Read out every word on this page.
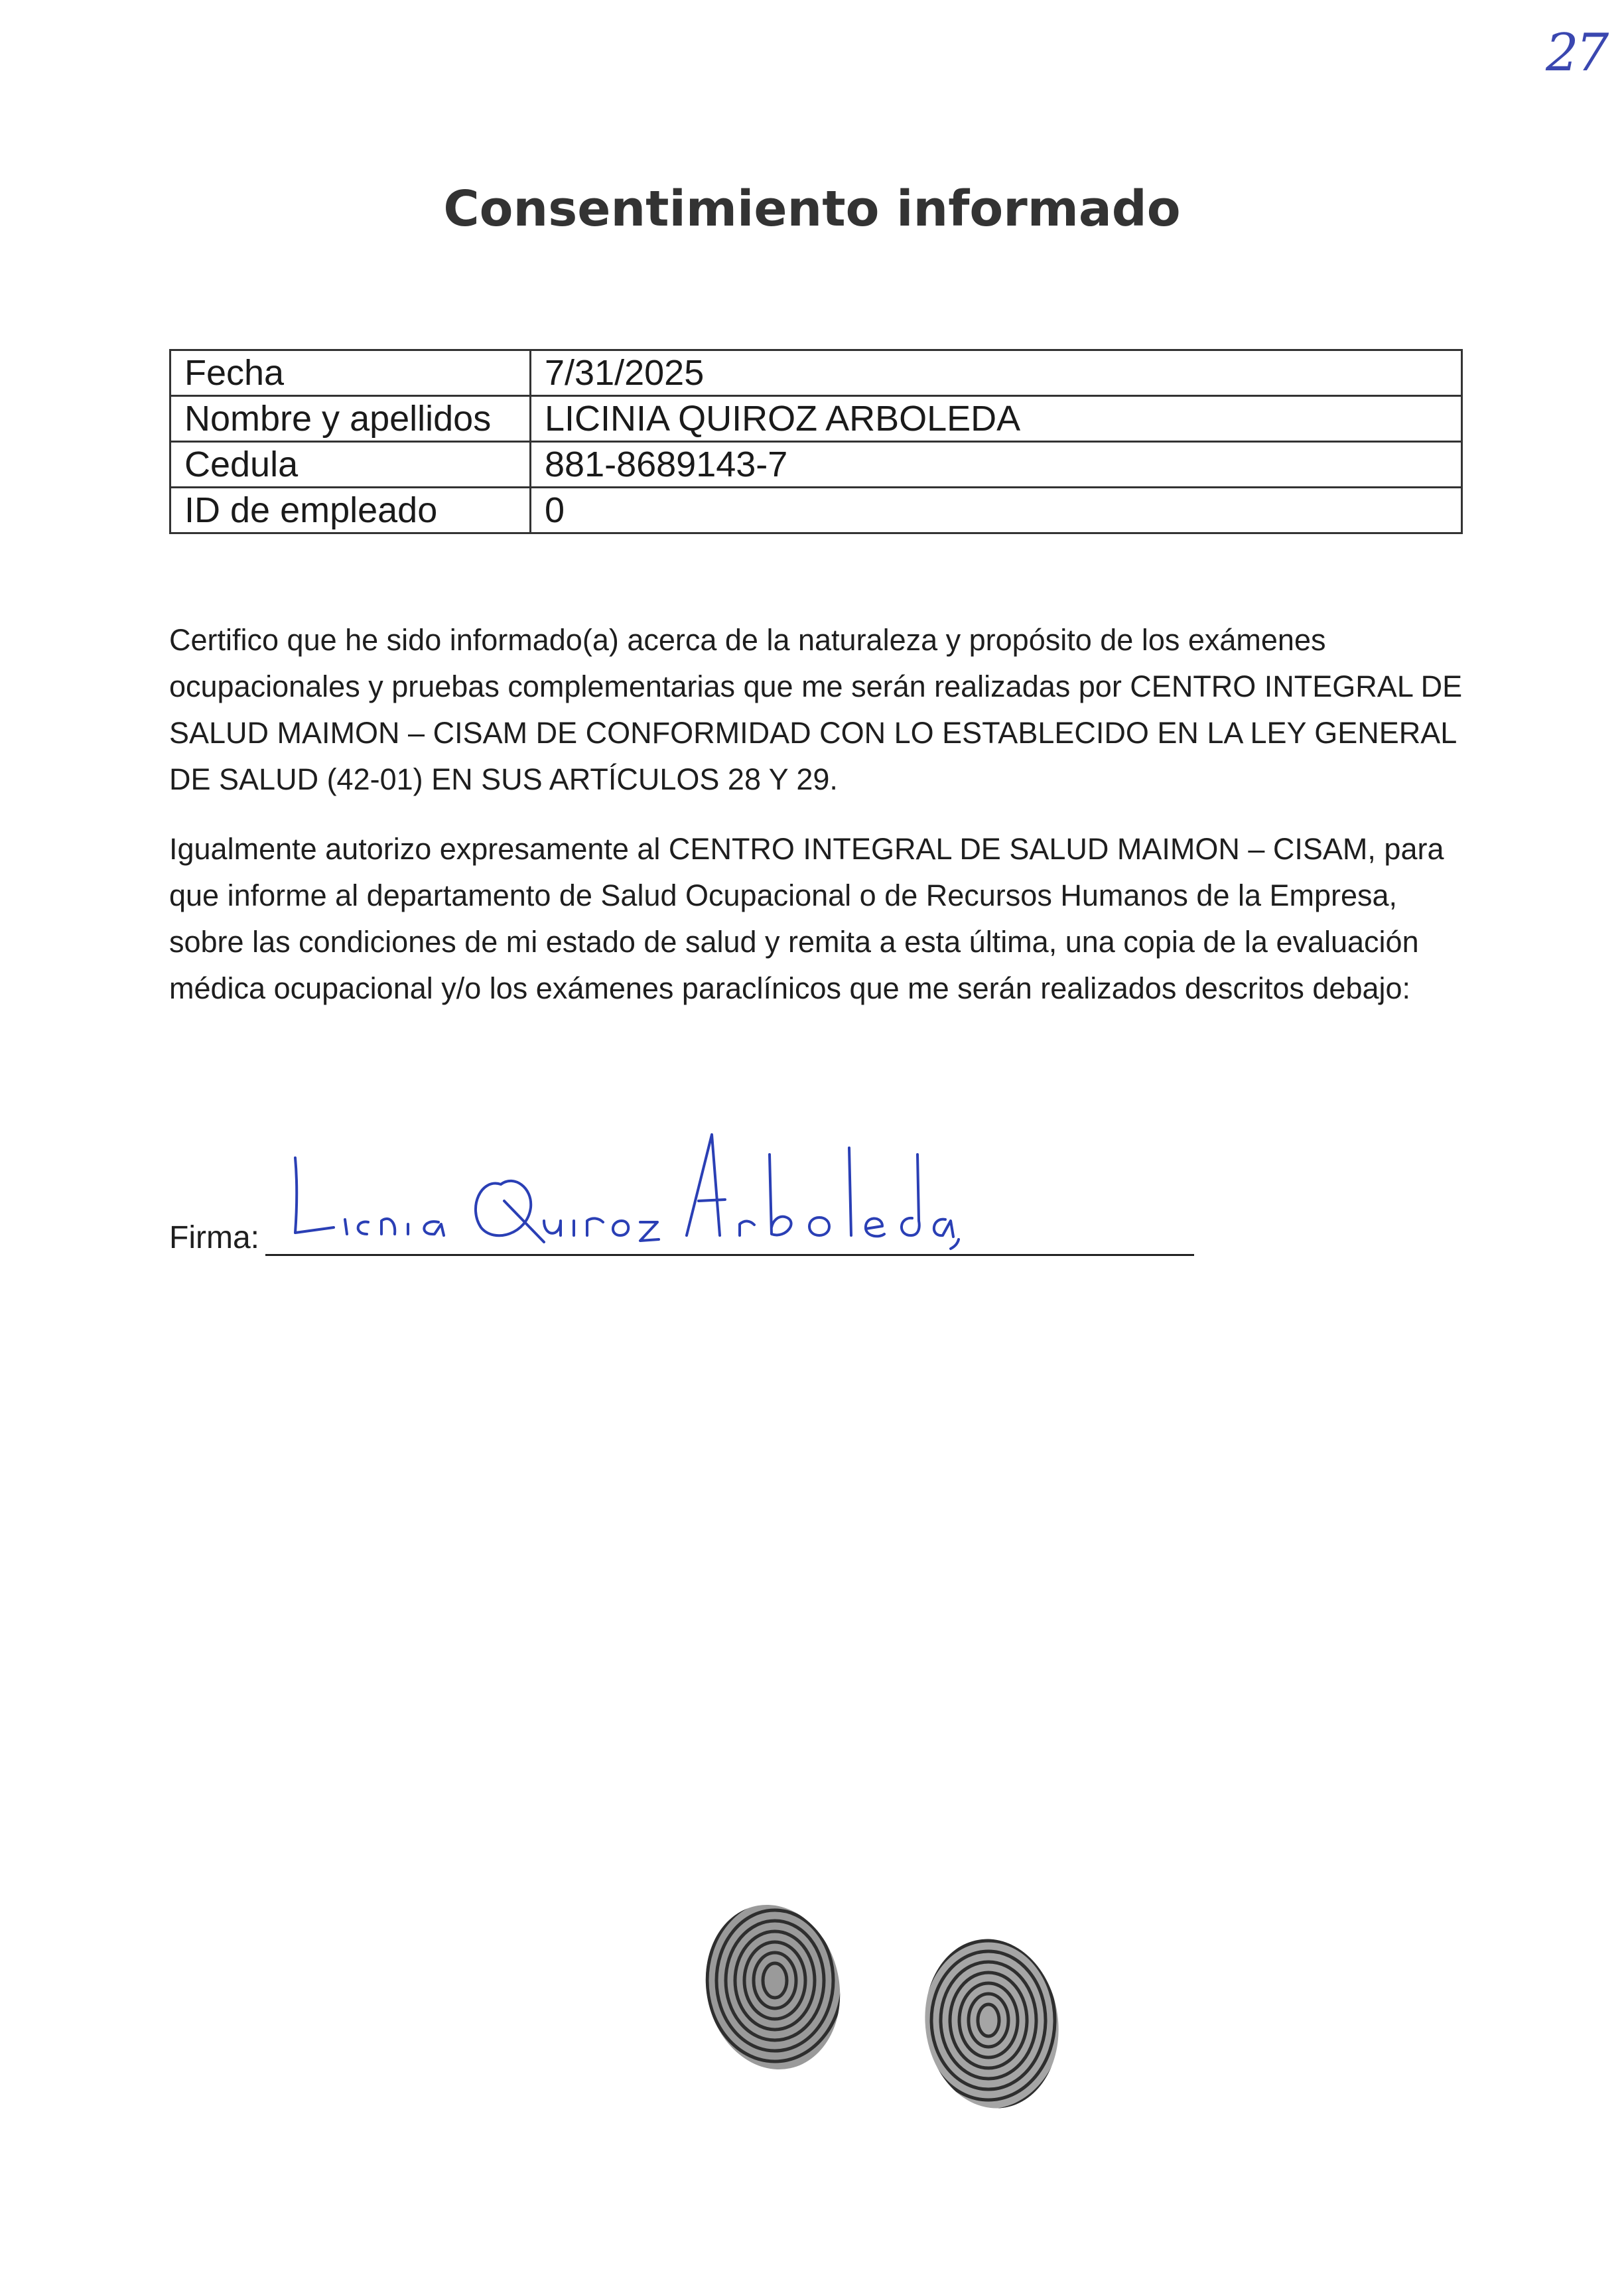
27
Consentimiento informado
Fecha	7/31/2025
Nombre y apellidos	LICINIA QUIROZ ARBOLEDA
Cedula	881-8689143-7
ID de empleado	0

Certifico que he sido informado(a) acerca de la naturaleza y propósito de los exámenes ocupacionales y pruebas complementarias que me serán realizadas por CENTRO INTEGRAL DE SALUD MAIMON – CISAM DE CONFORMIDAD CON LO ESTABLECIDO EN LA LEY GENERAL DE SALUD (42-01) EN SUS ARTÍCULOS 28 Y 29.

Igualmente autorizo expresamente al CENTRO INTEGRAL DE SALUD MAIMON – CISAM, para que informe al departamento de Salud Ocupacional o de Recursos Humanos de la Empresa, sobre las condiciones de mi estado de salud y remita a esta última, una copia de la evaluación médica ocupacional y/o los exámenes paraclínicos que me serán realizados descritos debajo:

Firma:
